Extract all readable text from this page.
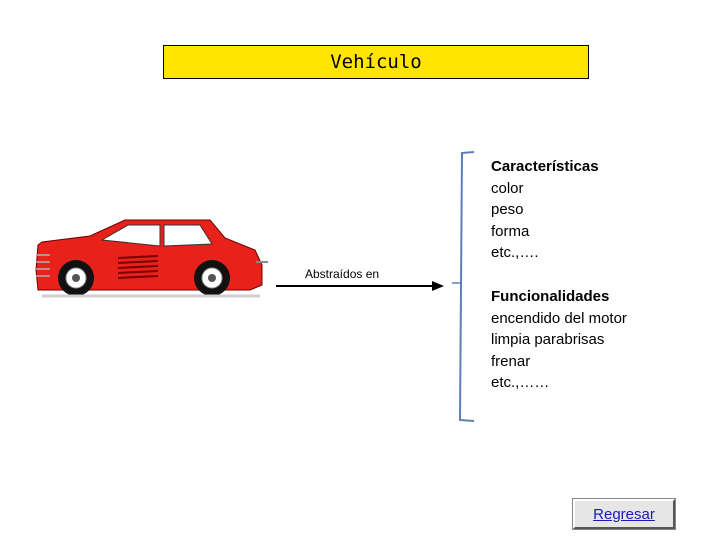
Vehículo
Abstraídos en
Características
color
peso
forma
etc.,….
Funcionalidades
encendido del motor
limpia parabrisas
frenar
etc.,……
Regresar
